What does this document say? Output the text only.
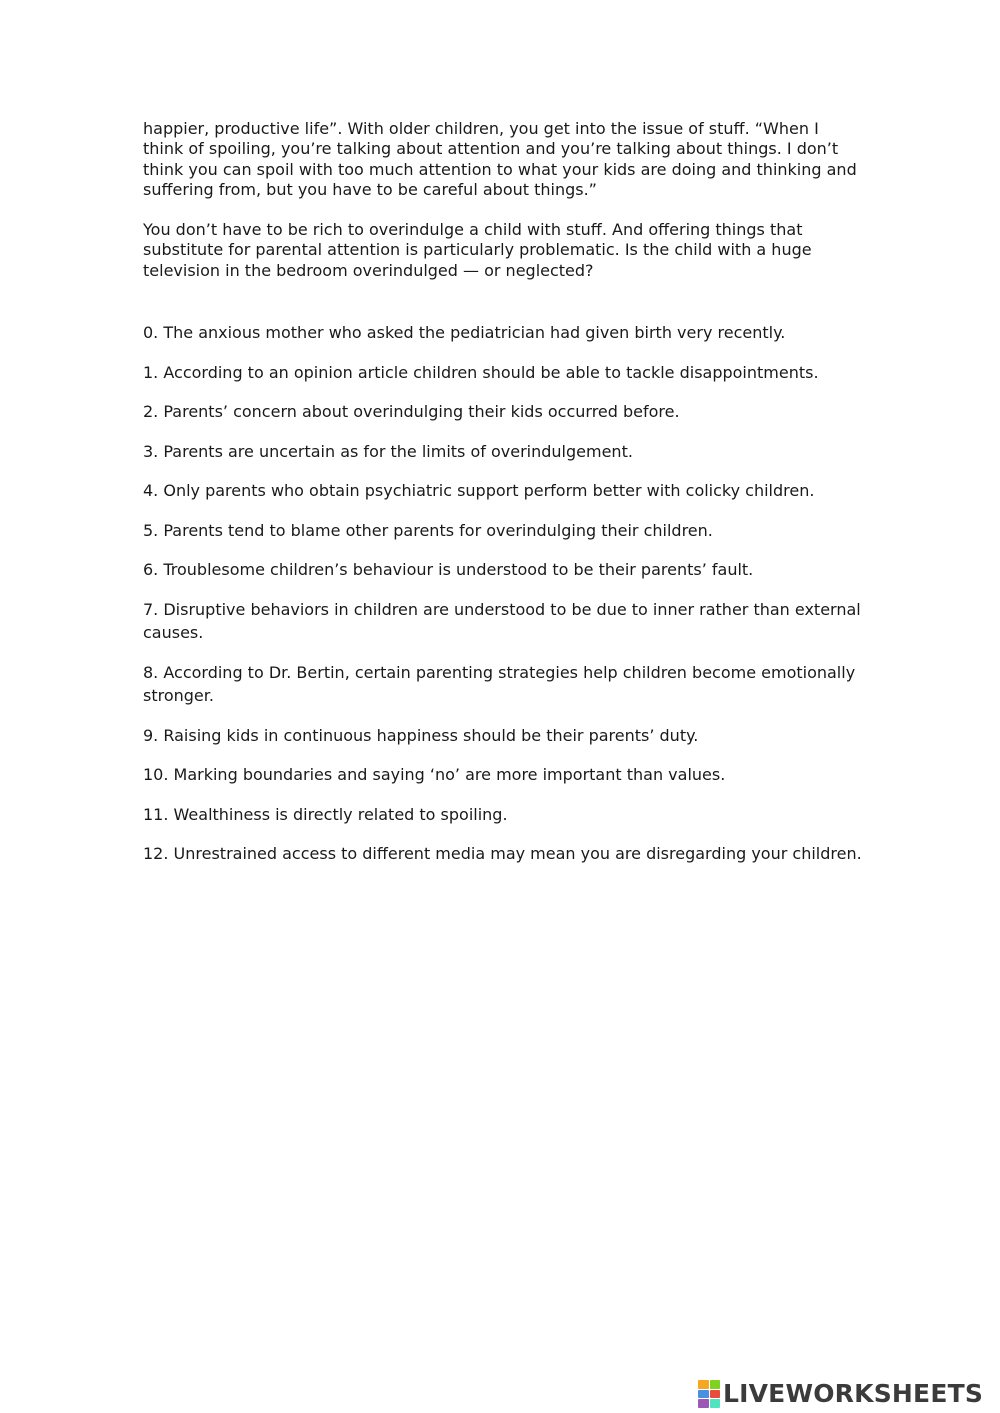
happier, productive life”. With older children, you get into the issue of stuff. “When I think of spoiling, you’re talking about attention and you’re talking about things. I don’t think you can spoil with too much attention to what your kids are doing and thinking and suffering from, but you have to be careful about things.”

You don’t have to be rich to overindulge a child with stuff. And offering things that substitute for parental attention is particularly problematic. Is the child with a huge television in the bedroom overindulged — or neglected?

0. The anxious mother who asked the pediatrician had given birth very recently.

1. According to an opinion article children should be able to tackle disappointments.

2. Parents’ concern about overindulging their kids occurred before.

3. Parents are uncertain as for the limits of overindulgement.

4. Only parents who obtain psychiatric support perform better with colicky children.

5. Parents tend to blame other parents for overindulging their children.

6. Troublesome children’s behaviour is understood to be their parents’ fault.

7. Disruptive behaviors in children are understood to be due to inner rather than external causes.

8. According to Dr. Bertin, certain parenting strategies help children become emotionally stronger.

9. Raising kids in continuous happiness should be their parents’ duty.

10. Marking boundaries and saying ‘no’ are more important than values.

11. Wealthiness is directly related to spoiling.

12. Unrestrained access to different media may mean you are disregarding your children.

LIVEWORKSHEETS
